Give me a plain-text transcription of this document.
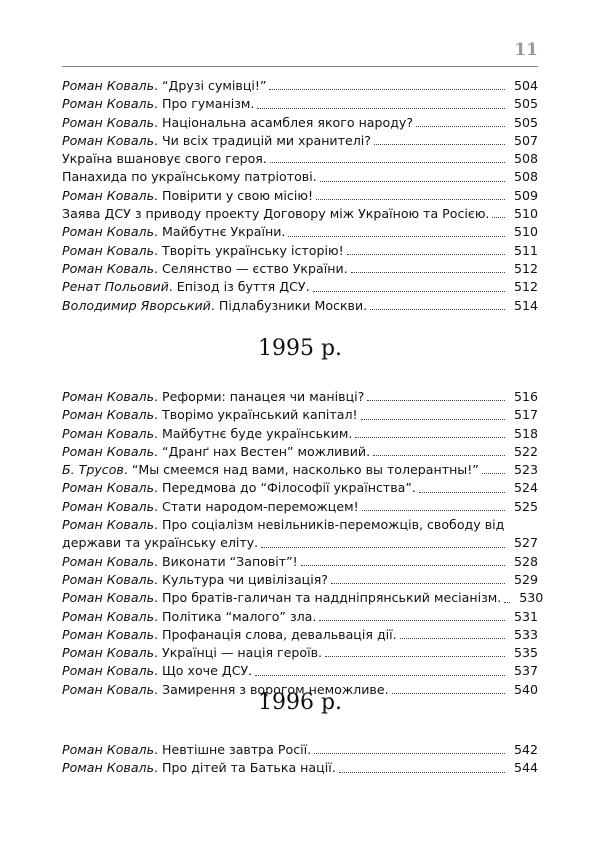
11
Роман Коваль. “Друзі сумівці!”	504
Роман Коваль. Про гуманізм.	505
Роман Коваль. Національна асамблея якого народу?	505
Роман Коваль. Чи всіх традицій ми хранителі?	507
Україна вшановує свого героя.	508
Панахида по українському патріотові.	508
Роман Коваль. Повірити у свою місію!	509
Заява ДСУ з приводу проекту Договору між Україною та Росією.	510
Роман Коваль. Майбутнє України.	510
Роман Коваль. Творіть українську історію!	511
Роман Коваль. Селянство — єство України.	512
Ренат Польовий. Епізод із буття ДСУ.	512
Володимир Яворський. Підлабузники Москви.	514
1995 р.
Роман Коваль. Реформи: панацея чи манівці?	516
Роман Коваль. Творімо український капітал!	517
Роман Коваль. Майбутнє буде українським.	518
Роман Коваль. “Дранґ нах Вестен” можливий.	522
Б. Трусов. “Мы смеемся над вами, насколько вы толерантны!”	523
Роман Коваль. Передмова до “Філософії українства”.	524
Роман Коваль. Стати народом-переможцем!	525
Роман Коваль. Про соціалізм невільників-переможців, свободу від
держави та українську еліту.	527
Роман Коваль. Виконати “Заповіт”!	528
Роман Коваль. Культура чи цивілізація?	529
Роман Коваль. Про братів-галичан та наддніпрянський месіанізм.	530
Роман Коваль. Політика “малого” зла.	531
Роман Коваль. Профанація слова, девальвація дії.	533
Роман Коваль. Українці — нація героїв.	535
Роман Коваль. Що хоче ДСУ.	537
Роман Коваль. Замирення з ворогом неможливе.	540
1996 р.
Роман Коваль. Невтішне завтра Росії.	542
Роман Коваль. Про дітей та Батька нації.	544
